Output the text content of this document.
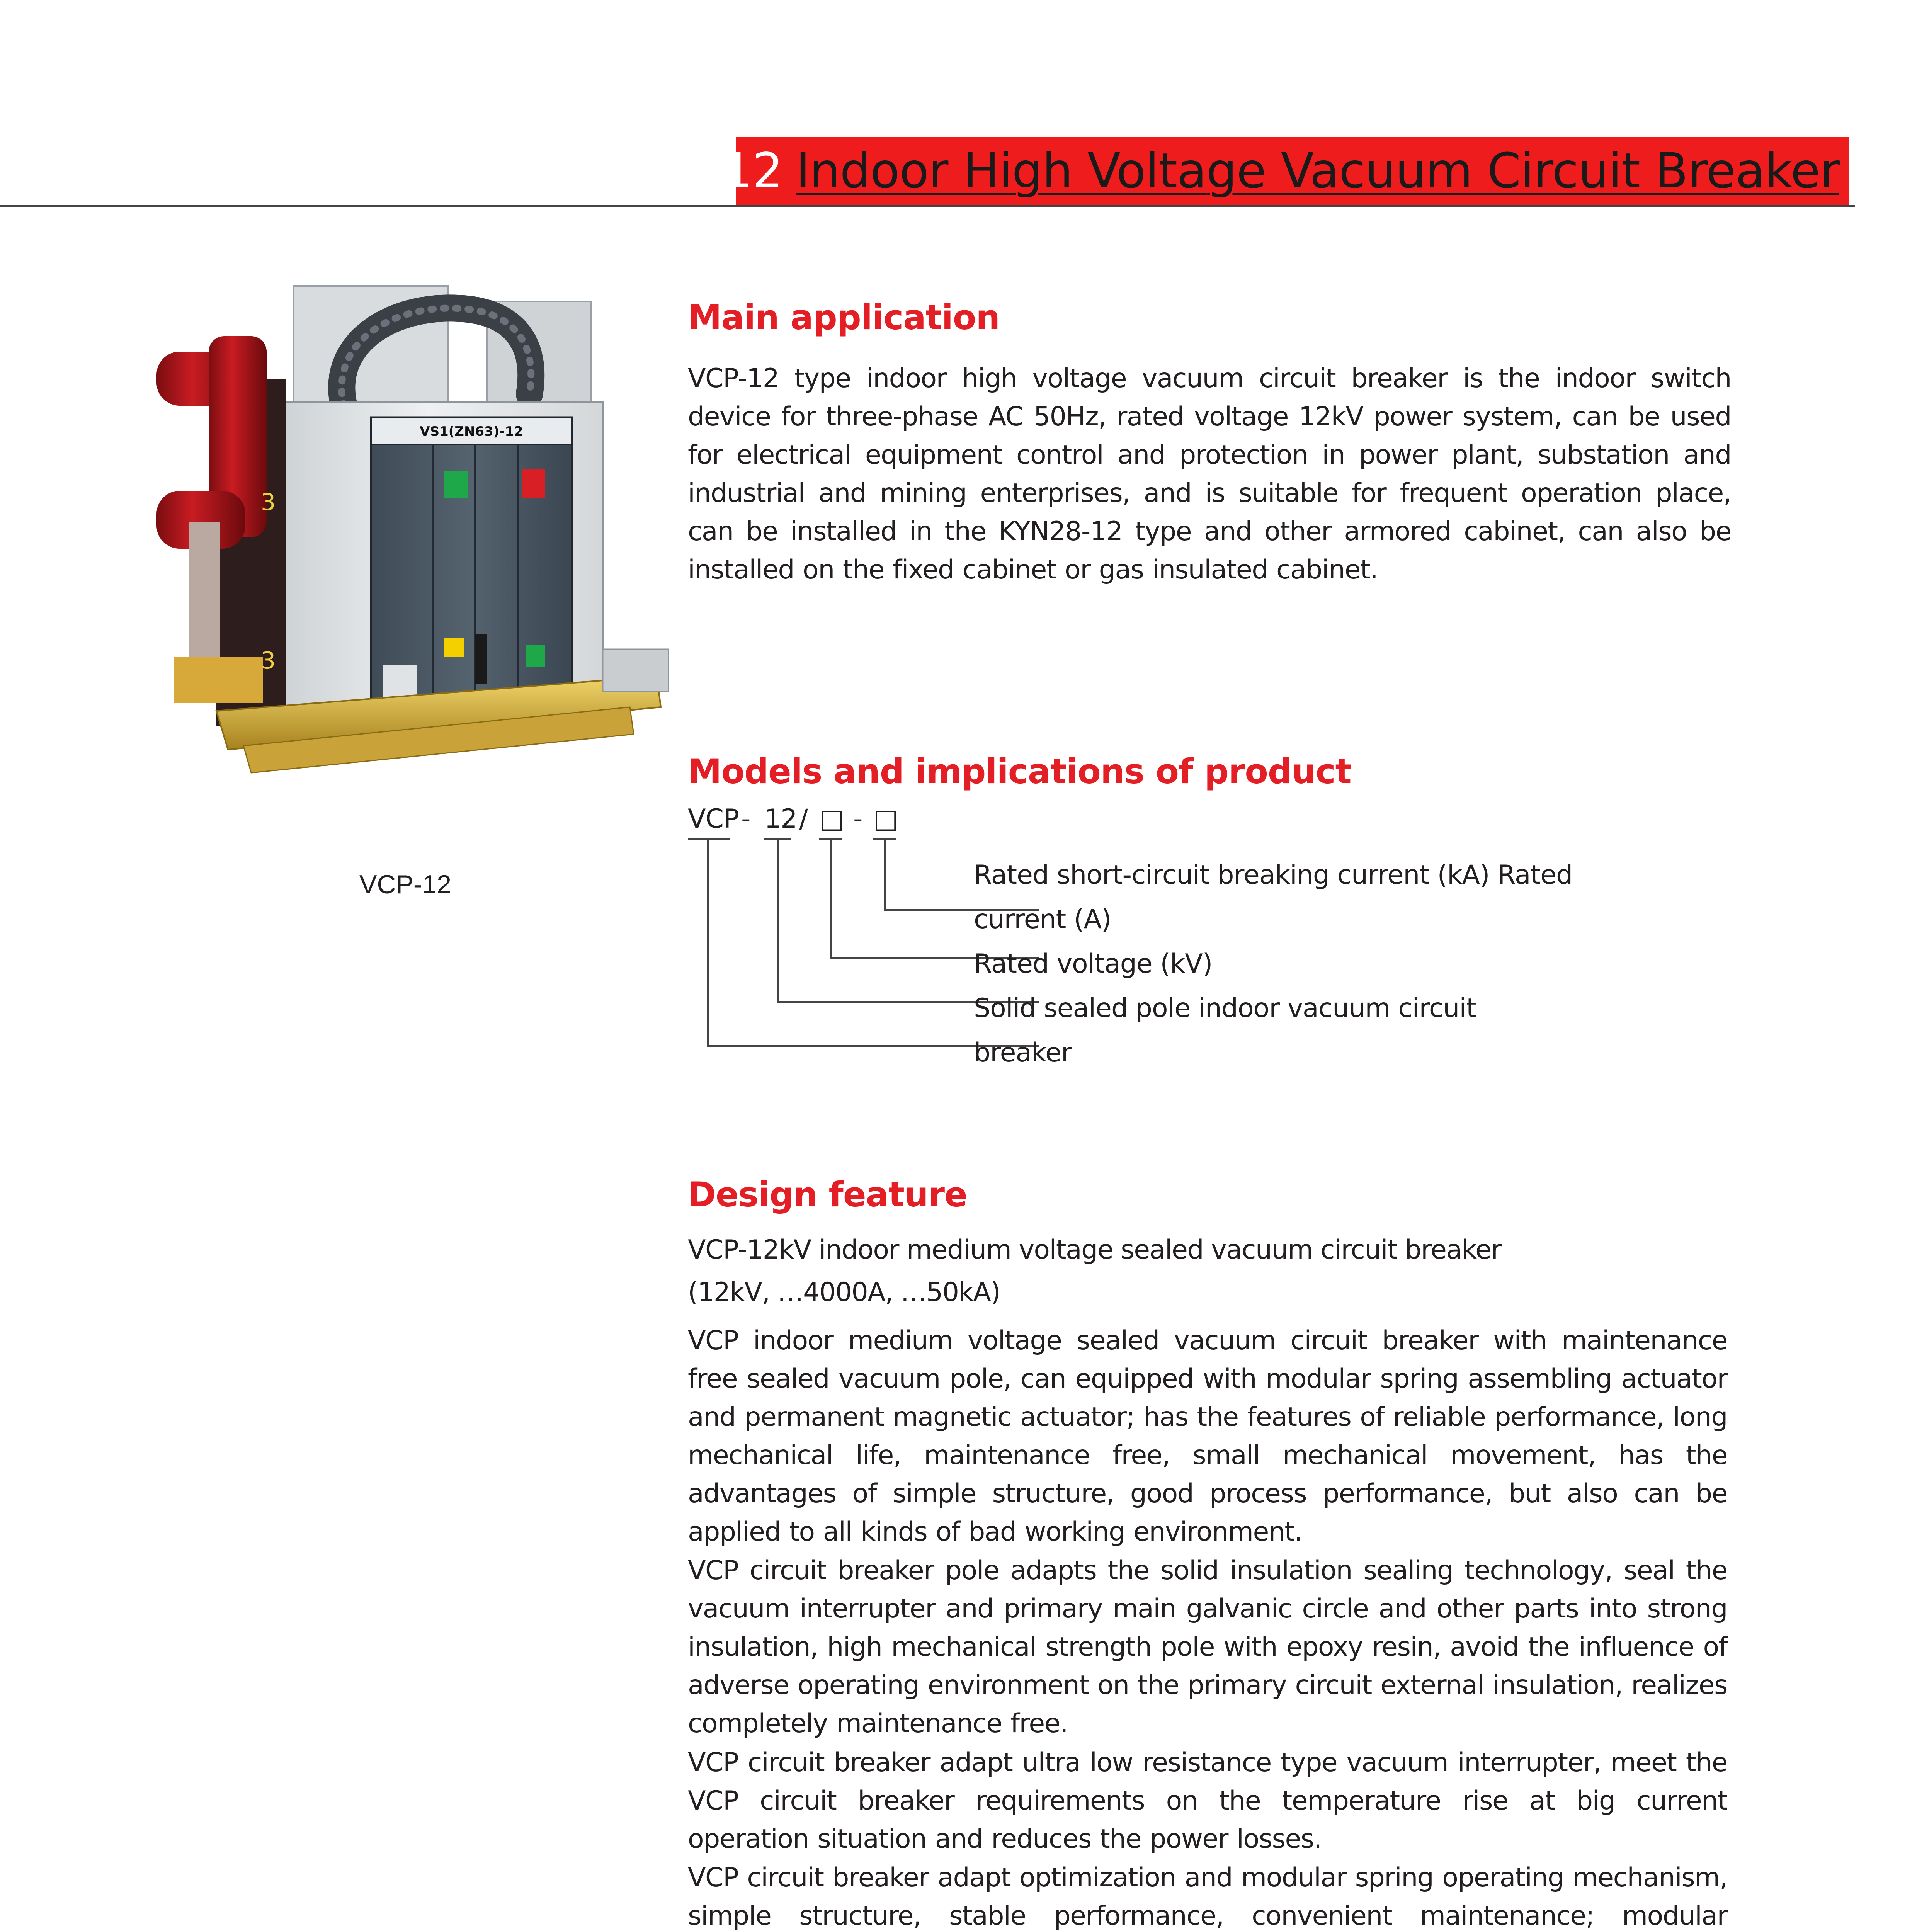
VCP-12 Indoor High Voltage Vacuum Circuit Breaker
VS1(ZN63)-12
3
3
VCP-12
Main application
VCP-12 type indoor high voltage vacuum circuit breaker is the indoor switch device for three-phase AC 50Hz, rated voltage 12kV power system, can be used for electrical equipment control and protection in power plant, substation and industrial and mining enterprises, and is suitable for frequent operation place, can be installed in the KYN28-12 type and other armored cabinet, can also be installed on the fixed cabinet or gas insulated cabinet.
Models and implications of product
VCP - 12 / □ - □
Rated short-circuit breaking current (kA) Rated
current (A)
Rated voltage (kV)
Solid sealed pole indoor vacuum circuit
breaker
Design feature
VCP-12kV indoor medium voltage sealed vacuum circuit breaker
(12kV, …4000A, …50kA)
VCP indoor medium voltage sealed vacuum circuit breaker with maintenance free sealed vacuum pole, can equipped with modular spring assembling actuator and permanent magnetic actuator; has the features of reliable performance, long mechanical life, maintenance free, small mechanical movement, has the advantages of simple structure, good process performance, but also can be applied to all kinds of bad working environment.
VCP circuit breaker pole adapts the solid insulation sealing technology, seal the vacuum interrupter and primary main galvanic circle and other parts into strong insulation, high mechanical strength pole with epoxy resin, avoid the influence of adverse operating environment on the primary circuit external insulation, realizes completely maintenance free.
VCP circuit breaker adapt ultra low resistance type vacuum interrupter, meet the VCP circuit breaker requirements on the temperature rise at big current operation situation and reduces the power losses.
VCP circuit breaker adapt optimization and modular spring operating mechanism, simple structure, stable performance, convenient maintenance; modular
